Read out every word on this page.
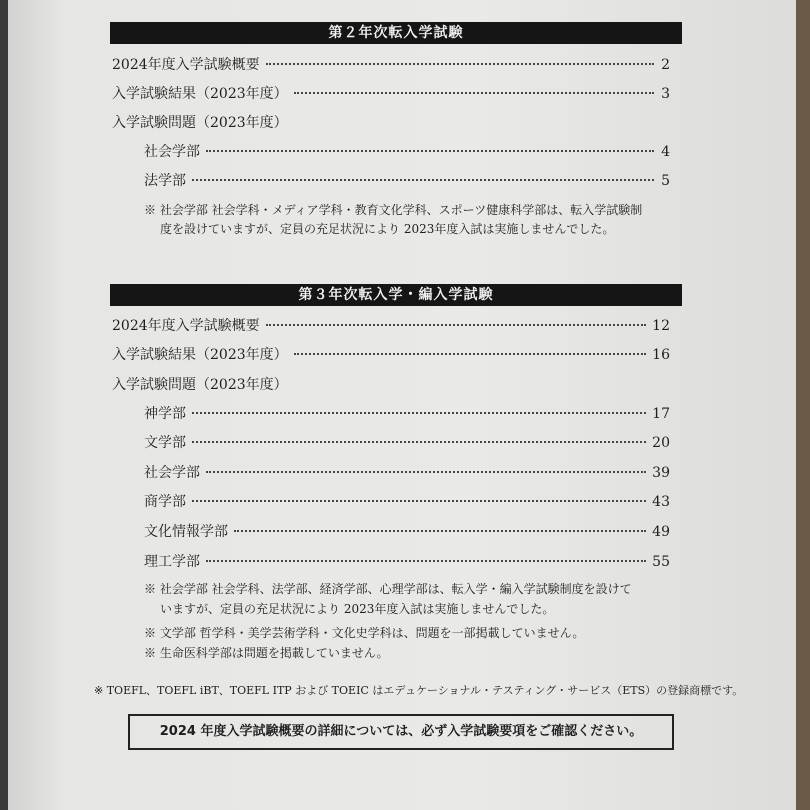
第２年次転入学試験
2024年度入学試験概要	2
入学試験結果（2023年度）	3
入学試験問題（2023年度）
社会学部	4
法学部	5
※ 社会学部 社会学科・メディア学科・教育文化学科、スポーツ健康科学部は、転入学試験制
度を設けていますが、定員の充足状況により 2023年度入試は実施しませんでした。
第３年次転入学・編入学試験
2024年度入学試験概要	12
入学試験結果（2023年度）	16
入学試験問題（2023年度）
神学部	17
文学部	20
社会学部	39
商学部	43
文化情報学部	49
理工学部	55
※ 社会学部 社会学科、法学部、経済学部、心理学部は、転入学・編入学試験制度を設けて
いますが、定員の充足状況により 2023年度入試は実施しませんでした。
※ 文学部 哲学科・美学芸術学科・文化史学科は、問題を一部掲載していません。
※ 生命医科学部は問題を掲載していません。
※ TOEFL、TOEFL iBT、TOEFL ITP および TOEIC はエデュケーショナル・テスティング・サービス（ETS）の登録商標です。
2024 年度入学試験概要の詳細については、必ず入学試験要項をご確認ください。
